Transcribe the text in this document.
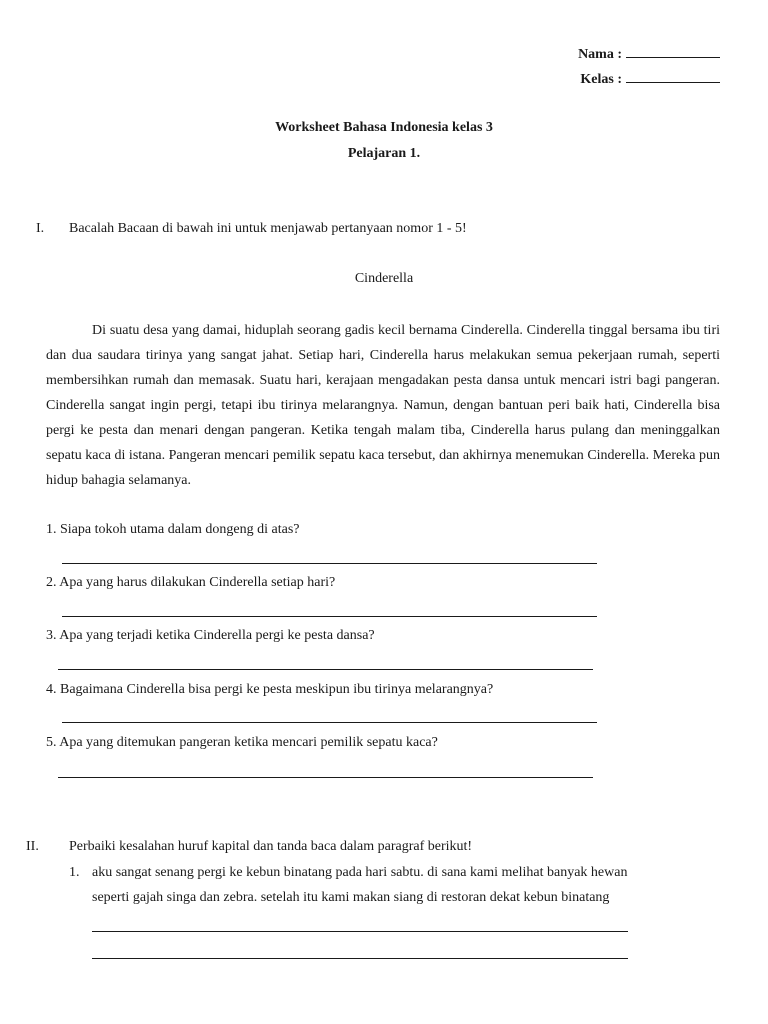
Nama :
Kelas :
Worksheet Bahasa Indonesia kelas 3
Pelajaran 1.
I. Bacalah Bacaan di bawah ini untuk menjawab pertanyaan nomor 1 - 5!
Cinderella

Di suatu desa yang damai, hiduplah seorang gadis kecil bernama Cinderella. Cinderella tinggal bersama ibu tiri dan dua saudara tirinya yang sangat jahat. Setiap hari, Cinderella harus melakukan semua pekerjaan rumah, seperti membersihkan rumah dan memasak. Suatu hari, kerajaan mengadakan pesta dansa untuk mencari istri bagi pangeran. Cinderella sangat ingin pergi, tetapi ibu tirinya melarangnya. Namun, dengan bantuan peri baik hati, Cinderella bisa pergi ke pesta dan menari dengan pangeran. Ketika tengah malam tiba, Cinderella harus pulang dan meninggalkan sepatu kaca di istana. Pangeran mencari pemilik sepatu kaca tersebut, dan akhirnya menemukan Cinderella. Mereka pun hidup bahagia selamanya.

1. Siapa tokoh utama dalam dongeng di atas?
2. Apa yang harus dilakukan Cinderella setiap hari?
3. Apa yang terjadi ketika Cinderella pergi ke pesta dansa?
4. Bagaimana Cinderella bisa pergi ke pesta meskipun ibu tirinya melarangnya?
5. Apa yang ditemukan pangeran ketika mencari pemilik sepatu kaca?
II. Perbaiki kesalahan huruf kapital dan tanda baca dalam paragraf berikut!
1. aku sangat senang pergi ke kebun binatang pada hari sabtu. di sana kami melihat banyak hewan
seperti gajah singa dan zebra. setelah itu kami makan siang di restoran dekat kebun binatang
